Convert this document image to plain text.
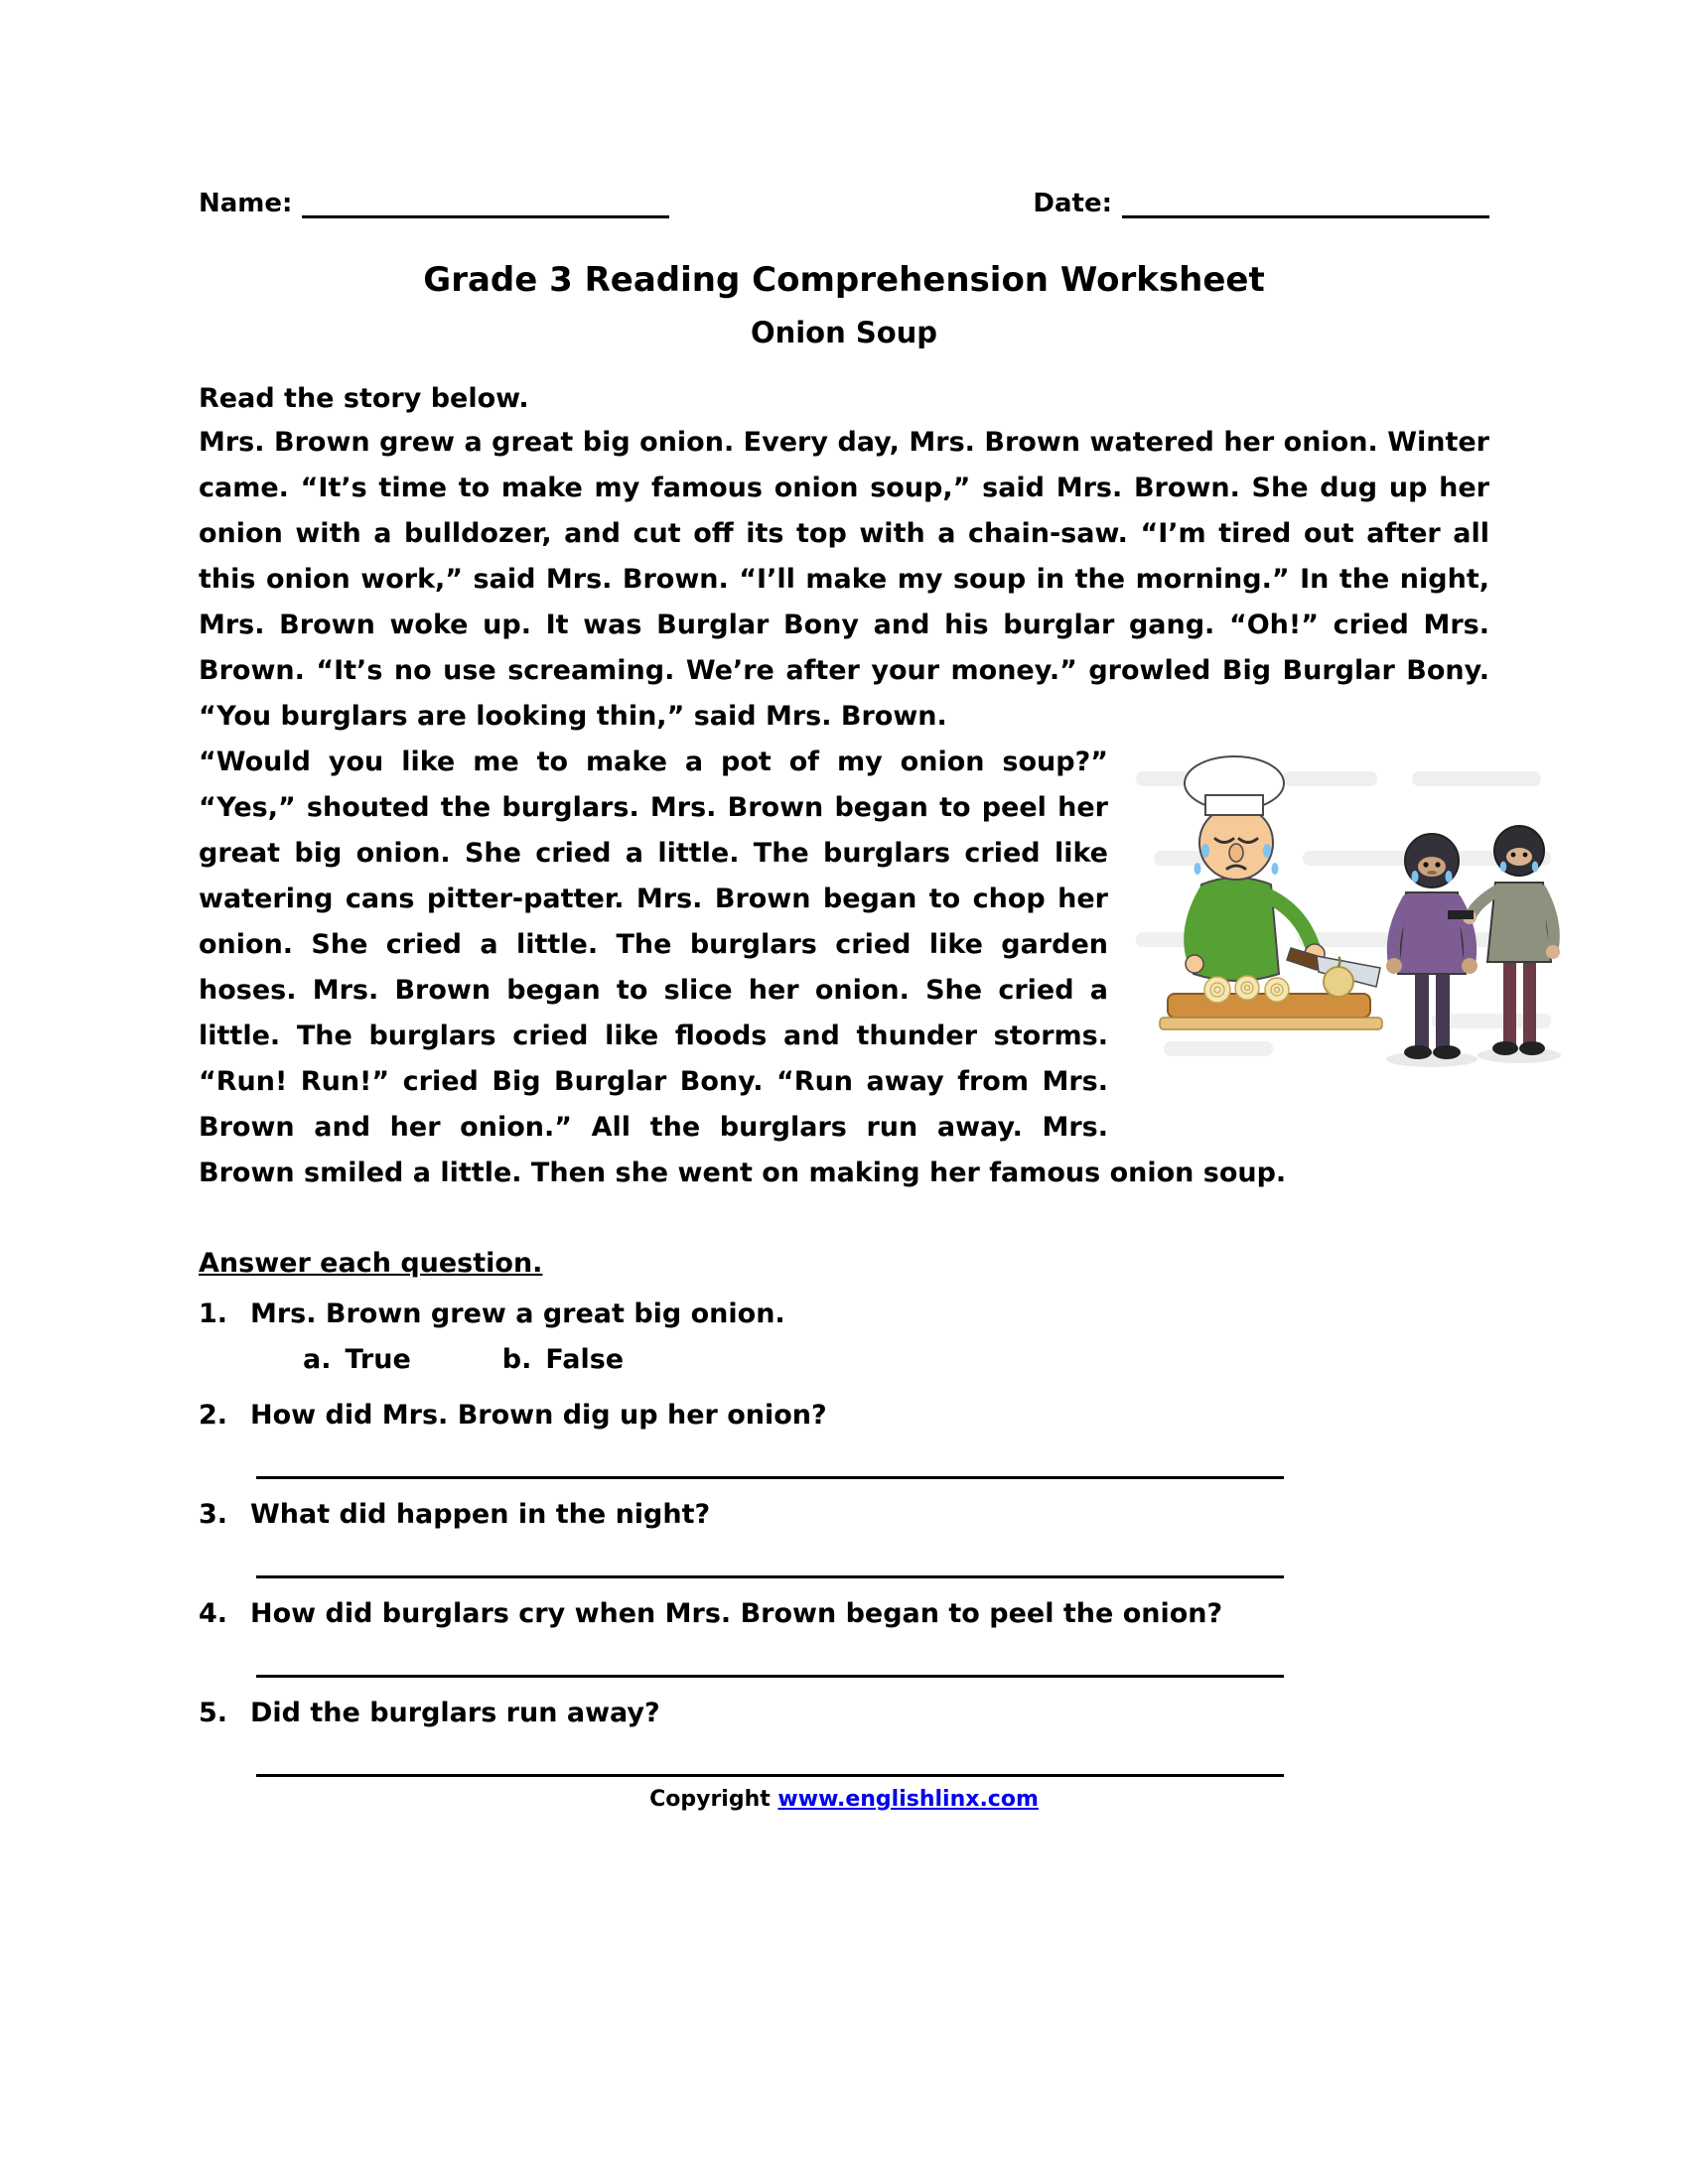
Name:	Date:
Grade 3 Reading Comprehension Worksheet
Onion Soup

Read the story below.

Mrs. Brown grew a great big onion. Every day, Mrs. Brown watered her onion. Winter came. “It’s time to make my famous onion soup,” said Mrs. Brown. She dug up her onion with a bulldozer, and cut off its top with a chain-saw. “I’m tired out after all this onion work,” said Mrs. Brown. “I’ll make my soup in the morning.” In the night, Mrs. Brown woke up. It was Burglar Bony and his burglar gang. “Oh!” cried Mrs. Brown. “It’s no use screaming. We’re after your money.” growled Big Burglar Bony. “You burglars are looking thin,” said Mrs. Brown.

“Would you like me to make a pot of my onion soup?” “Yes,” shouted the burglars. Mrs. Brown began to peel her great big onion. She cried a little. The burglars cried like watering cans pitter-patter. Mrs. Brown began to chop her onion. She cried a little. The burglars cried like garden hoses. Mrs. Brown began to slice her onion. She cried a little. The burglars cried like floods and thunder storms. “Run! Run!” cried Big Burglar Bony. “Run away from Mrs. Brown and her onion.” All the burglars run away. Mrs. Brown smiled a little. Then she went on making her famous onion soup.

Answer each question.

1. Mrs. Brown grew a great big onion.
a. True	b. False
2. How did Mrs. Brown dig up her onion?
3. What did happen in the night?
4. How did burglars cry when Mrs. Brown began to peel the onion?
5. Did the burglars run away?
Copyright www.englishlinx.com
